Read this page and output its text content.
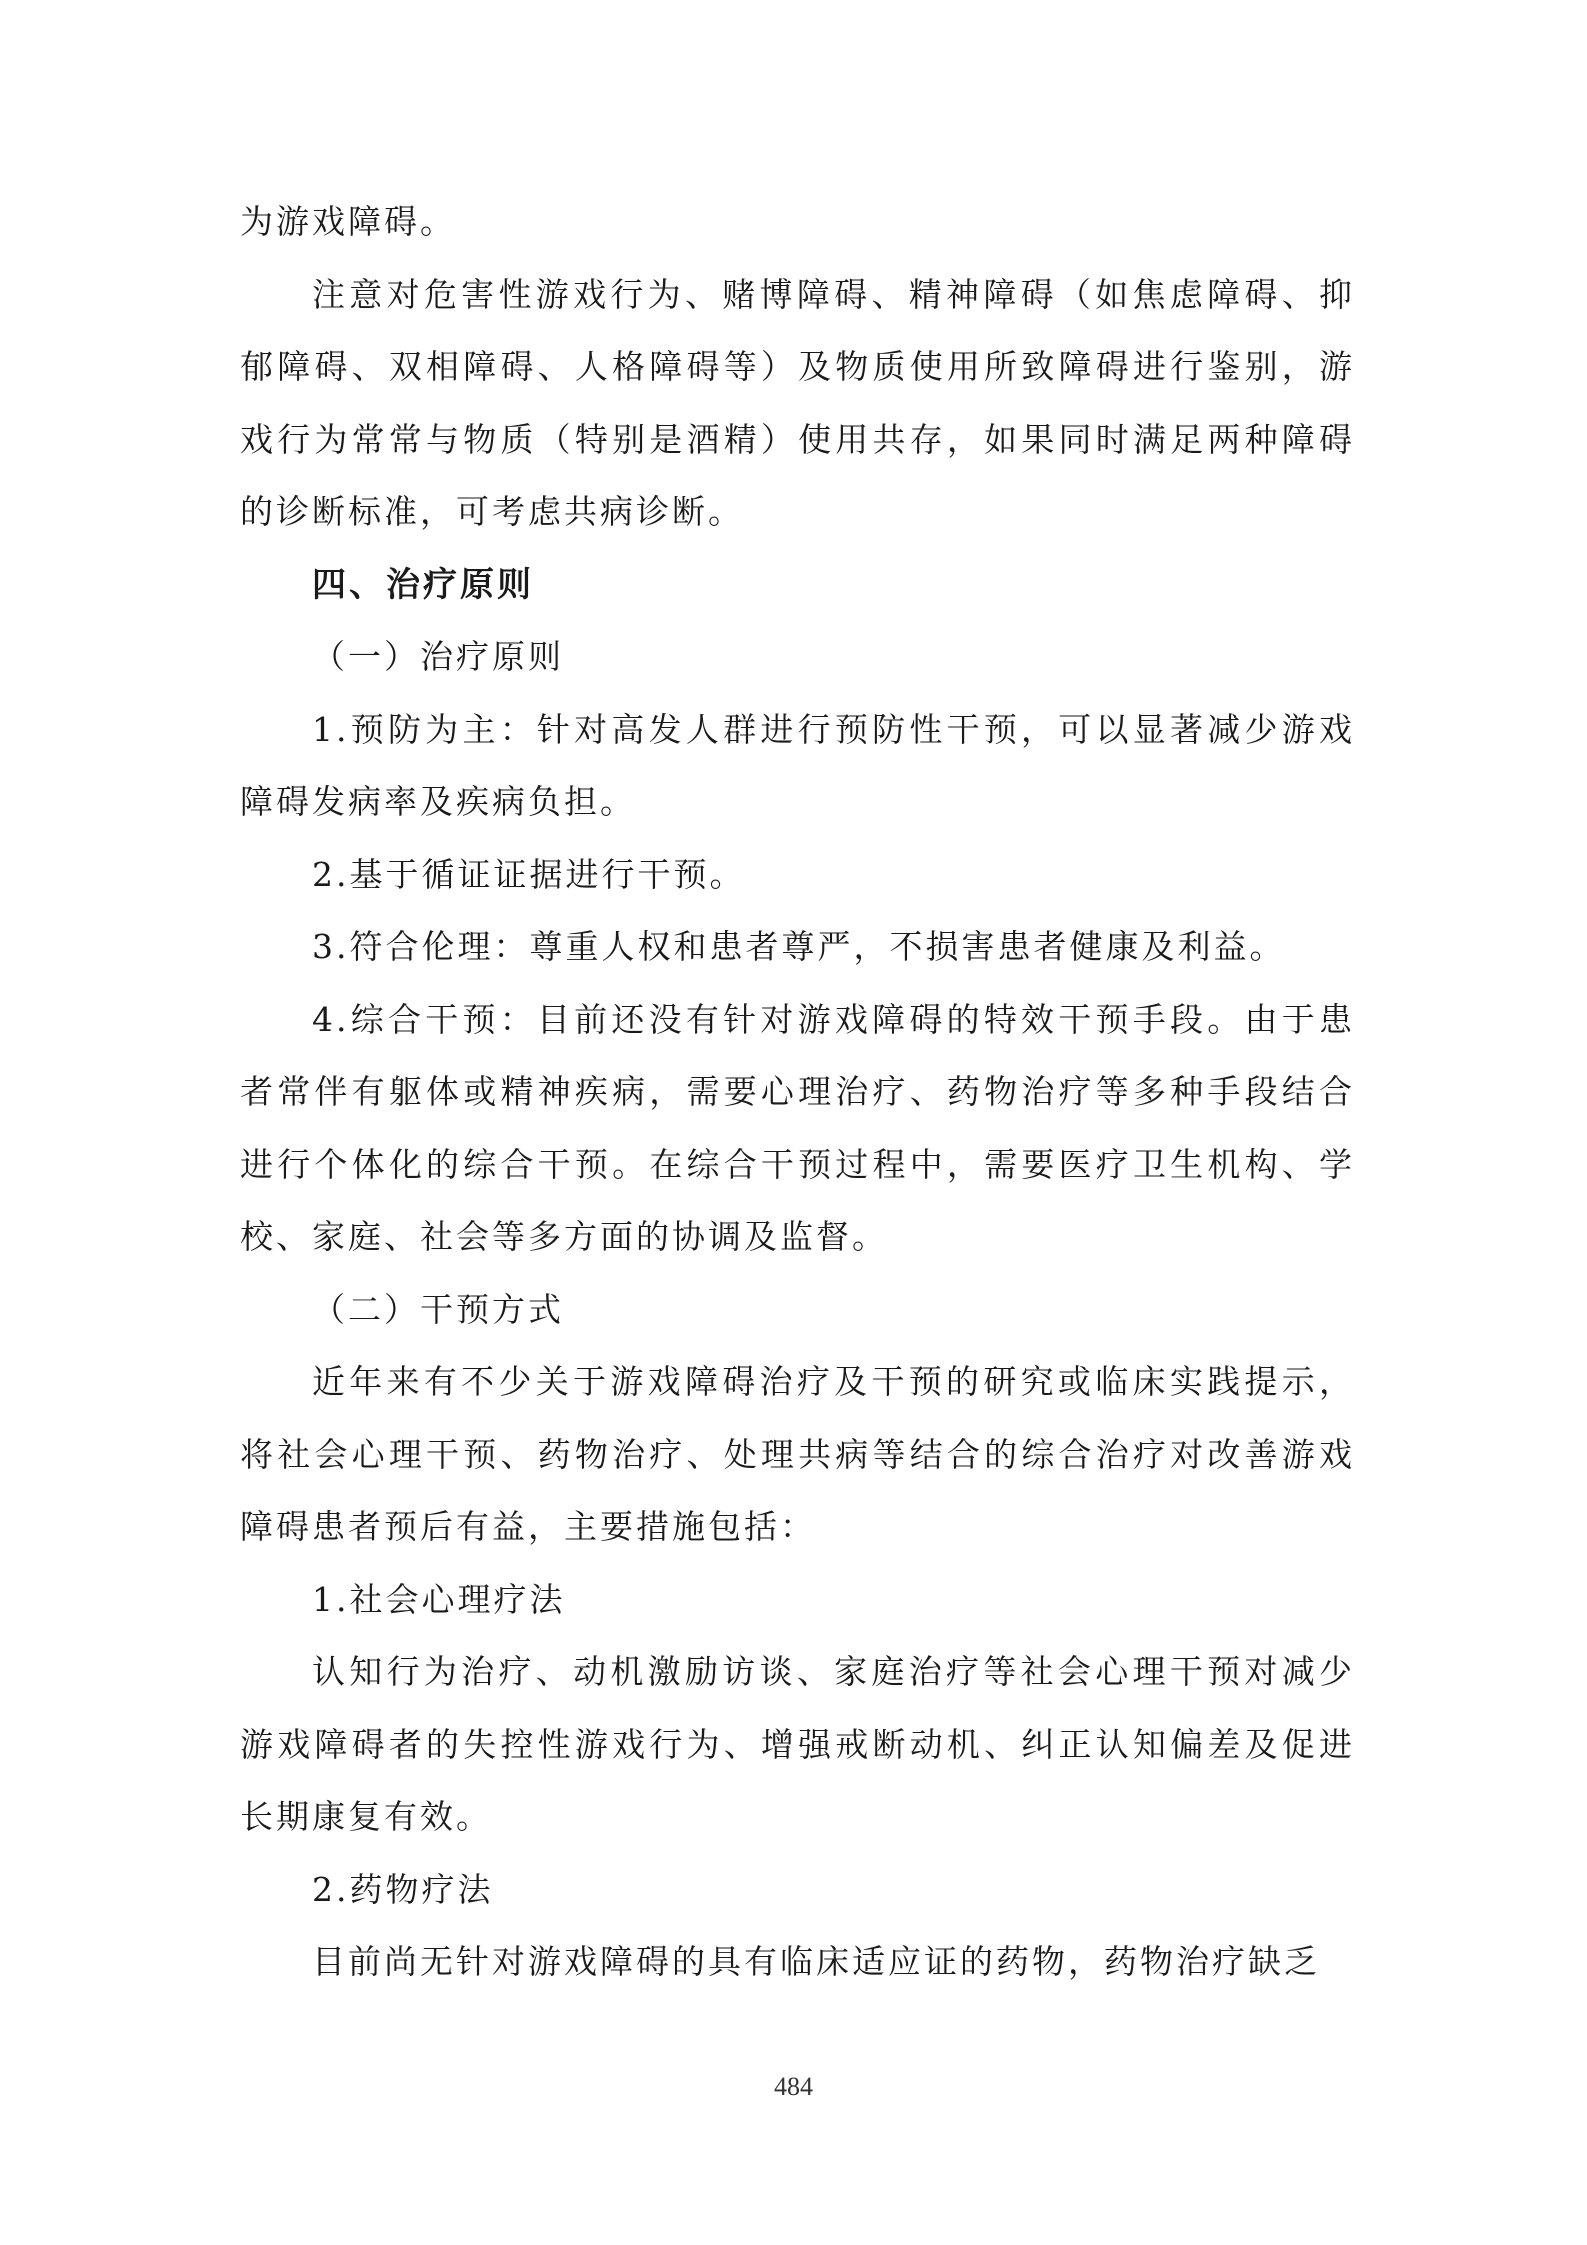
为游戏障碍。

注意对危害性游戏行为、赌博障碍、精神障碍（如焦虑障碍、抑郁障碍、双相障碍、人格障碍等）及物质使用所致障碍进行鉴别，游戏行为常常与物质（特别是酒精）使用共存，如果同时满足两种障碍的诊断标准，可考虑共病诊断。

四、治疗原则

（一）治疗原则

1.预防为主：针对高发人群进行预防性干预，可以显著减少游戏障碍发病率及疾病负担。

2.基于循证证据进行干预。

3.符合伦理：尊重人权和患者尊严，不损害患者健康及利益。

4.综合干预：目前还没有针对游戏障碍的特效干预手段。由于患者常伴有躯体或精神疾病，需要心理治疗、药物治疗等多种手段结合进行个体化的综合干预。在综合干预过程中，需要医疗卫生机构、学校、家庭、社会等多方面的协调及监督。

（二）干预方式

近年来有不少关于游戏障碍治疗及干预的研究或临床实践提示，将社会心理干预、药物治疗、处理共病等结合的综合治疗对改善游戏障碍患者预后有益，主要措施包括：

1.社会心理疗法

认知行为治疗、动机激励访谈、家庭治疗等社会心理干预对减少游戏障碍者的失控性游戏行为、增强戒断动机、纠正认知偏差及促进长期康复有效。

2.药物疗法

目前尚无针对游戏障碍的具有临床适应证的药物，药物治疗缺乏

484
